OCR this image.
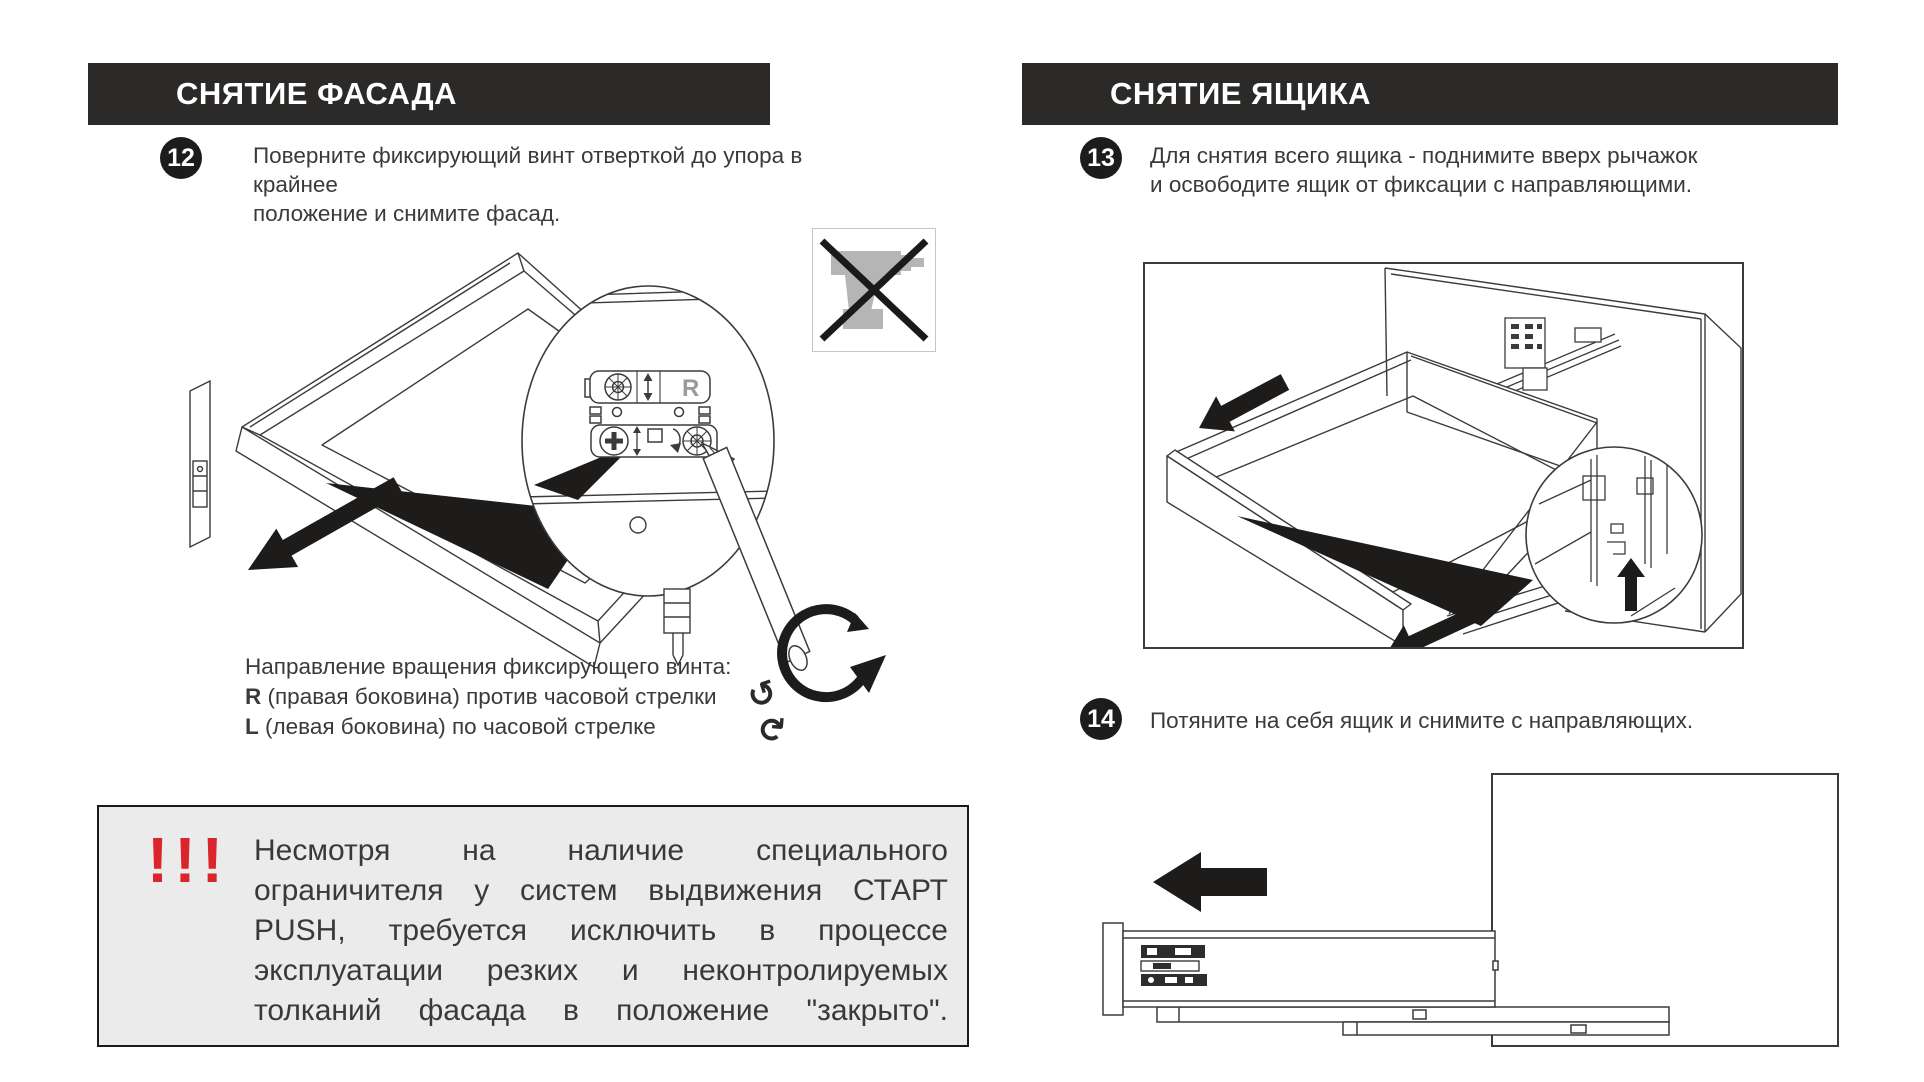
СНЯТИЕ ФАСАДА
12	Поверните фиксирующий винт отверткой до упора в крайнее
положение и снимите фасад.
R
Направление вращения фиксирующего винта:
R (правая боковина) против часовой стрелки
L (левая боковина) по часовой стрелке
↺
↻
!!! Несмотря на наличие специального
ограничителя у систем выдвижения СТАРТ
PUSH, требуется исключить в процессе
эксплуатации резких и неконтролируемых
толканий фасада в положение "закрыто".
СНЯТИЕ ЯЩИКА
13	Для снятия всего ящика - поднимите вверх рычажок
и освободите ящик от фиксации с направляющими.
14	Потяните на себя ящик и снимите с направляющих.
